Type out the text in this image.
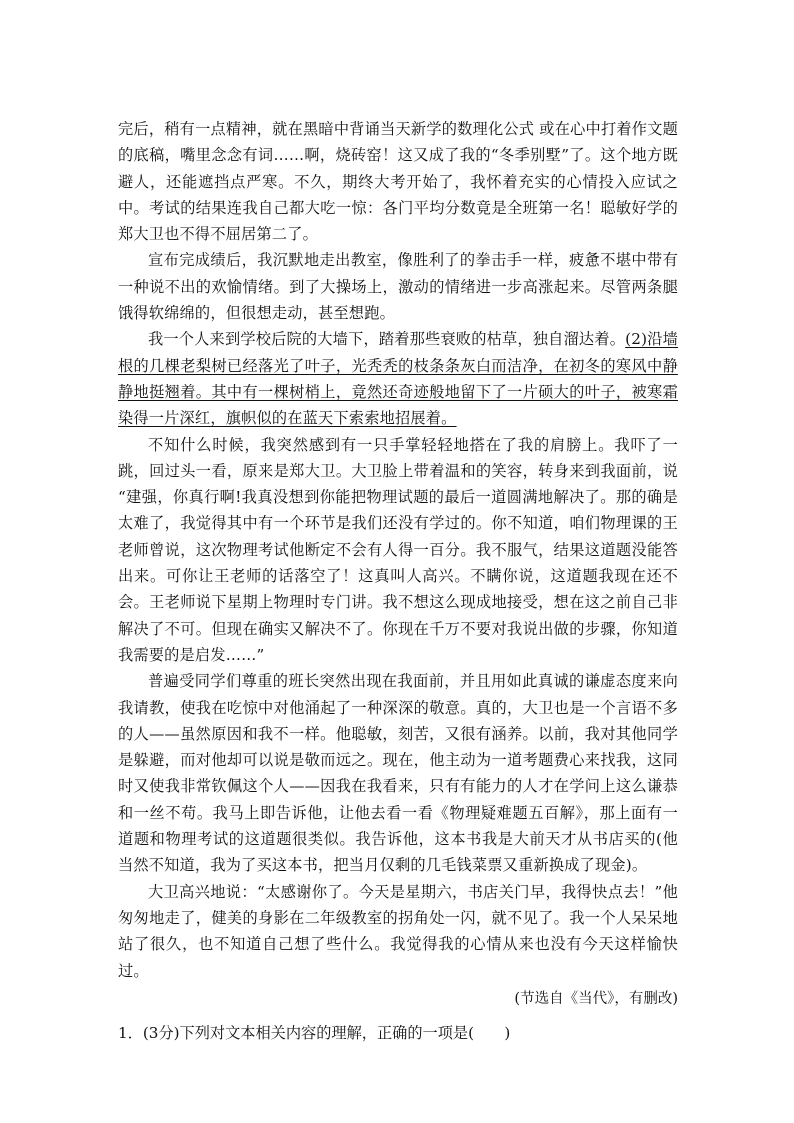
完后，稍有一点精神，就在黑暗中背诵当天新学的数理化公式 或在心中打着作文题的底稿，嘴里念念有词……啊，烧砖窑！这又成了我的“冬季别墅”了。这个地方既避人，还能遮挡点严寒。不久，期终大考开始了，我怀着充实的心情投入应试之中。考试的结果连我自己都大吃一惊：各门平均分数竟是全班第一名！聪敏好学的郑大卫也不得不屈居第二了。

宣布完成绩后，我沉默地走出教室，像胜利了的拳击手一样，疲惫不堪中带有一种说不出的欢愉情绪。到了大操场上，激动的情绪进一步高涨起来。尽管两条腿饿得软绵绵的，但很想走动，甚至想跑。

我一个人来到学校后院的大墙下，踏着那些衰败的枯草，独自溜达着。(2)沿墙根的几棵老梨树已经落光了叶子，光秃秃的枝条条灰白而洁净，在初冬的寒风中静静地挺翘着。其中有一棵树梢上，竟然还奇迹般地留下了一片硕大的叶子，被寒霜染得一片深红，旗帜似的在蓝天下索索地招展着。

不知什么时候，我突然感到有一只手掌轻轻地搭在了我的肩膀上。我吓了一跳，回过头一看，原来是郑大卫。大卫脸上带着温和的笑容，转身来到我面前，说 “建强，你真行啊!我真没想到你能把物理试题的最后一道圆满地解决了。那的确是太难了，我觉得其中有一个环节是我们还没有学过的。你不知道，咱们物理课的王老师曾说，这次物理考试他断定不会有人得一百分。我不服气，结果这道题没能答出来。可你让王老师的话落空了！这真叫人高兴。不瞒你说，这道题我现在还不会。王老师说下星期上物理时专门讲。我不想这么现成地接受，想在这之前自己非解决了不可。但现在确实又解决不了。你现在千万不要对我说出做的步骤，你知道我需要的是启发……”

普遍受同学们尊重的班长突然出现在我面前，并且用如此真诚的谦虚态度来向我请教，使我在吃惊中对他涌起了一种深深的敬意。真的，大卫也是一个言语不多的人——虽然原因和我不一样。他聪敏，刻苦，又很有涵养。以前，我对其他同学是躲避，而对他却可以说是敬而远之。现在，他主动为一道考题费心来找我，这同时又使我非常钦佩这个人——因我在我看来，只有有能力的人才在学问上这么谦恭和一丝不苟。我马上即告诉他，让他去看一看《物理疑难题五百解》，那上面有一道题和物理考试的这道题很类似。我告诉他，这本书我是大前天才从书店买的(他当然不知道，我为了买这本书，把当月仅剩的几毛钱菜票又重新换成了现金)。

大卫高兴地说：“太感谢你了。今天是星期六，书店关门早，我得快点去！”他匆匆地走了，健美的身影在二年级教室的拐角处一闪，就不见了。我一个人呆呆地站了很久，也不知道自己想了些什么。我觉得我的心情从来也没有今天这样愉快过。

(节选自《当代》，有删改)

1．(3分)下列对文本相关内容的理解，正确的一项是(　　)
